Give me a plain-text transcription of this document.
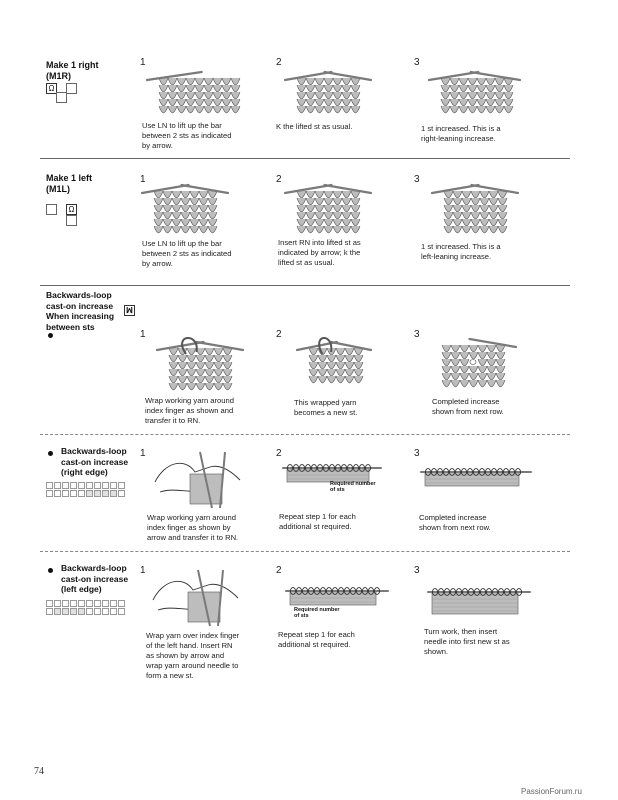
Make 1 right
(M1R)
Ω
1	2	3
Use LN to lift up the bar
between 2 sts as indicated
by arrow.
K the lifted st as usual.	1 st increased. This is a
right-leaning increase.
Make 1 left
(M1L)
Ω
1	2	3
Use LN to lift up the bar
between 2 sts as indicated
by arrow.
Insert RN into lifted st as
indicated by arrow; k the
lifted st as usual.
1 st increased. This is a
left-leaning increase.
Backwards-loop
cast-on increase
When increasing
between sts
ꟽ
1	2	3
Wrap working yarn around
index finger as shown and
transfer it to RN.
This wrapped yarn
becomes a new st.
Completed increase
shown from next row.
Backwards-loop
cast-on increase
(right edge)
1	2	3
Required number
of sts
Wrap working yarn around
index finger as shown by
arrow and transfer it to RN.
Repeat step 1 for each
additional st required.
Completed increase
shown from next row.
Backwards-loop
cast-on increase
(left edge)
1	2	3
Required number
of sts
Wrap yarn over index finger
of the left hand. Insert RN
as shown by arrow and
wrap yarn around needle to
form a new st.
Repeat step 1 for each
additional st required.
Turn work, then insert
needle into first new st as
shown.
74
PassionForum.ru
